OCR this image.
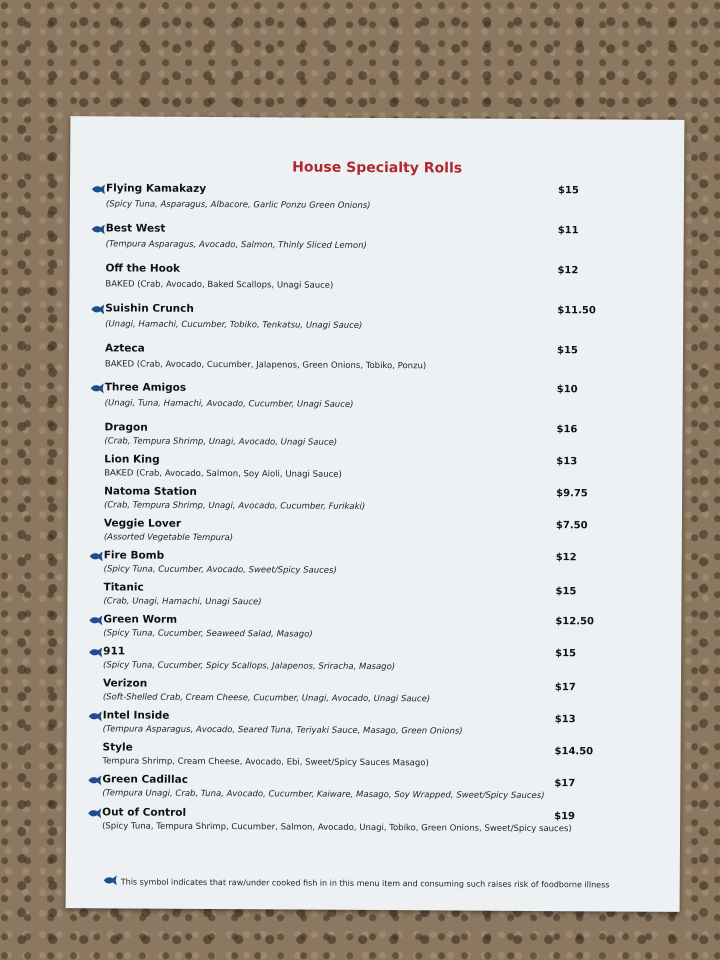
House Specialty Rolls
Flying Kamakazy	$15
(Spicy Tuna, Asparagus, Albacore, Garlic Ponzu Green Onions)
Best West	$11
(Tempura Asparagus, Avocado, Salmon, Thinly Sliced Lemon)
Off the Hook	$12
BAKED (Crab, Avocado, Baked Scallops, Unagi Sauce)
Suishin Crunch	$11.50
(Unagi, Hamachi, Cucumber, Tobiko, Tenkatsu, Unagi Sauce)
Azteca	$15
BAKED (Crab, Avocado, Cucumber, Jalapenos, Green Onions, Tobiko, Ponzu)
Three Amigos	$10
(Unagi, Tuna, Hamachi, Avocado, Cucumber, Unagi Sauce)
Dragon	$16
(Crab, Tempura Shrimp, Unagi, Avocado, Unagi Sauce)
Lion King	$13
BAKED (Crab, Avocado, Salmon, Soy Aioli, Unagi Sauce)
Natoma Station	$9.75
(Crab, Tempura Shrimp, Unagi, Avocado, Cucumber, Furikaki)
Veggie Lover	$7.50
(Assorted Vegetable Tempura)
Fire Bomb	$12
(Spicy Tuna, Cucumber, Avocado, Sweet/Spicy Sauces)
Titanic	$15
(Crab, Unagi, Hamachi, Unagi Sauce)
Green Worm	$12.50
(Spicy Tuna, Cucumber, Seaweed Salad, Masago)
911	$15
(Spicy Tuna, Cucumber, Spicy Scallops, Jalapenos, Sriracha, Masago)
Verizon	$17
(Soft-Shelled Crab, Cream Cheese, Cucumber, Unagi, Avocado, Unagi Sauce)
Intel Inside	$13
(Tempura Asparagus, Avocado, Seared Tuna, Teriyaki Sauce, Masago, Green Onions)
Style	$14.50
Tempura Shrimp, Cream Cheese, Avocado, Ebi, Sweet/Spicy Sauces Masago)
Green Cadillac	$17
(Tempura Unagi, Crab, Tuna, Avocado, Cucumber, Kaiware, Masago, Soy Wrapped, Sweet/Spicy Sauces)
Out of Control	$19
(Spicy Tuna, Tempura Shrimp, Cucumber, Salmon, Avocado, Unagi, Tobiko, Green Onions, Sweet/Spicy sauces)
This symbol indicates that raw/under cooked fish in in this menu item and consuming such raises risk of foodborne illness
